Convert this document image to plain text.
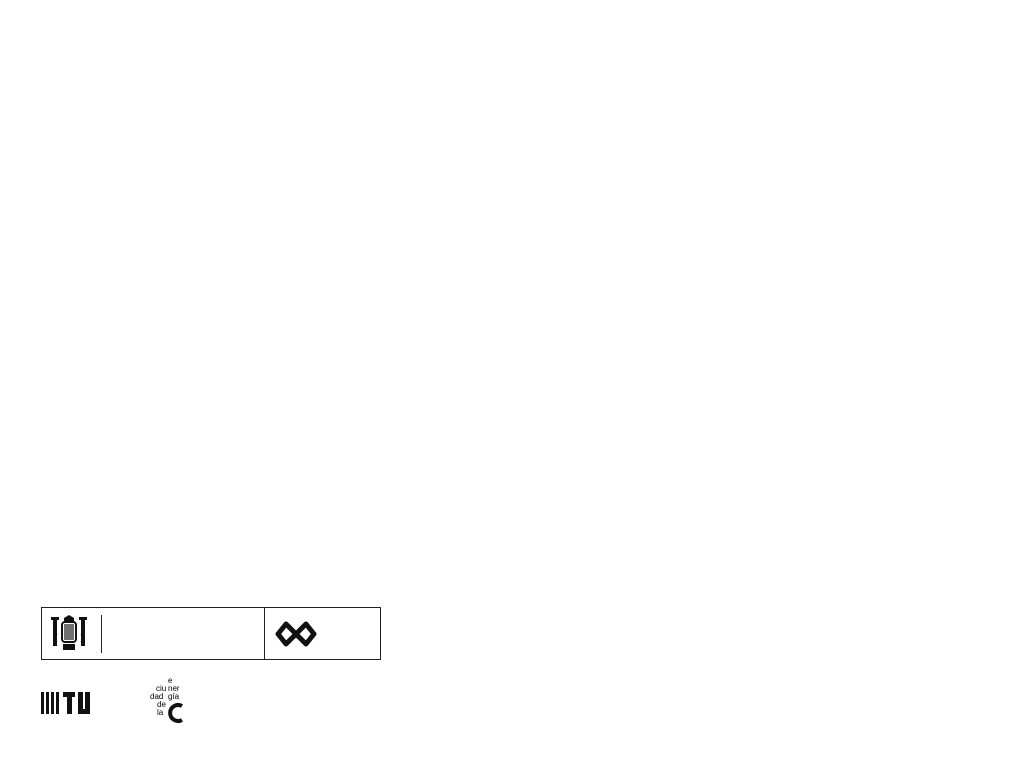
e
ciu ner
dad gía
de
la
